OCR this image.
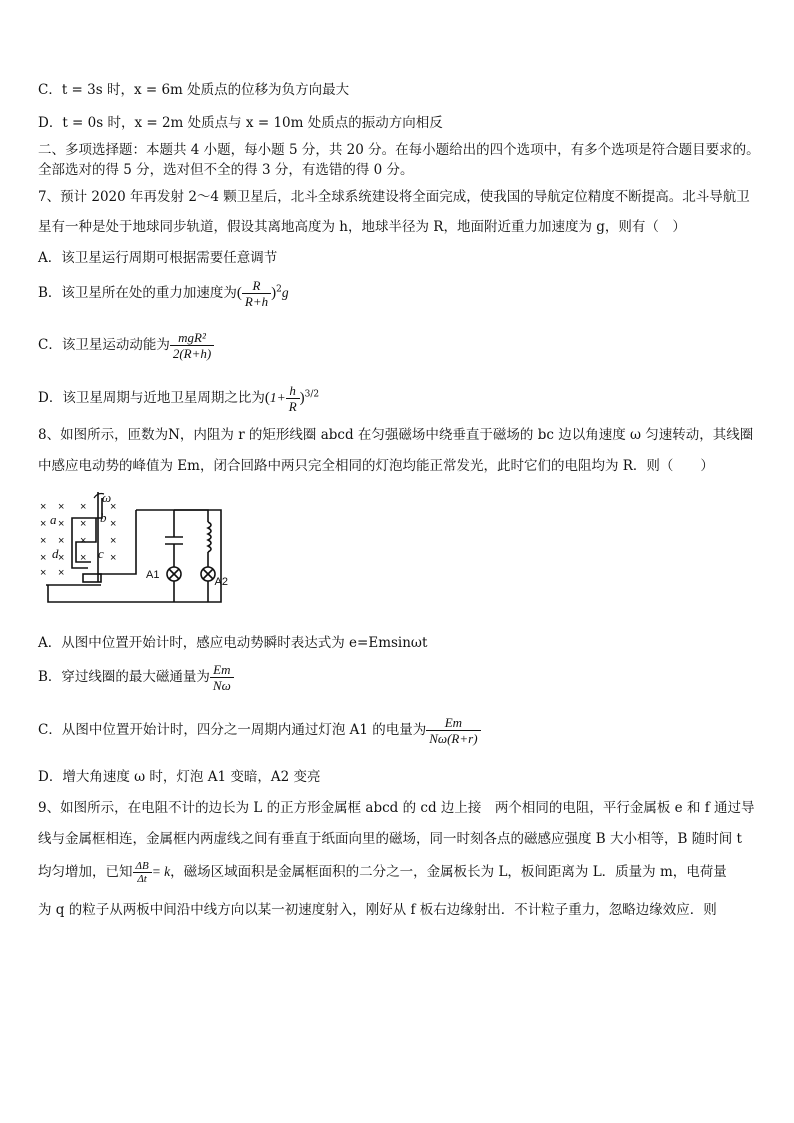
C．t = 3s 时，x = 6m 处质点的位移为负方向最大
D．t = 0s 时，x = 2m 处质点与 x = 10m 处质点的振动方向相反
二、多项选择题：本题共 4 小题，每小题 5 分，共 20 分。在每小题给出的四个选项中，有多个选项是符合题目要求的。
全部选对的得 5 分，选对但不全的得 3 分，有选错的得 0 分。
7、预计 2020 年再发射 2～4 颗卫星后，北斗全球系统建设将全面完成，使我国的导航定位精度不断提高。北斗导航卫
星有一种是处于地球同步轨道，假设其离地高度为 h，地球半径为 R，地面附近重力加速度为 g，则有（　）
A．该卫星运行周期可根据需要任意调节
B．该卫星所在处的重力加速度为( $\frac{R}{R+h} )^2g$
C．该卫星运动动能为 $\frac{\text{mgR²}}{2(R+h)}$
D．该卫星周期与近地卫星周期之比为$(1+ \frac{h}{R} )^{3/2}$
8、如图所示，匝数为N，内阻为 r 的矩形线圈 abcd 在匀强磁场中绕垂直于磁场的 bc 边以角速度 ω 匀速转动，其线圈
中感应电动势的峰值为 Em，闭合回路中两只完全相同的灯泡均能正常发光，此时它们的电阻均为 R．则（　　）
× × × ×
× × × ×
× × × ×
× × × ×
× ×
ω
a	b
c
d
A1
A2
A．从图中位置开始计时，感应电动势瞬时表达式为 e=Emsinωt
B．穿过线圈的最大磁通量为 $\frac{Em}{N\omega}$
C．从图中位置开始计时，四分之一周期内通过灯泡 A1 的电量为 $\frac{Em}{N\omega(R+r)}$
D．增大角速度 ω 时，灯泡 A1 变暗，A2 变亮
9、如图所示，在电阻不计的边长为 L 的正方形金属框 abcd 的 cd 边上接　两个相同的电阻，平行金属板 e 和 f 通过导
线与金属框相连，金属框内两虚线之间有垂直于纸面向里的磁场，同一时刻各点的磁感应强度 B 大小相等，B 随时间 t
均匀增加，已知 $\frac{\Delta B}{\Delta t} = k$，磁场区域面积是金属框面积的二分之一，金属板长为 L，板间距离为 L．质量为 m，电荷量
为 q 的粒子从两板中间沿中线方向以某一初速度射入，刚好从 f 板右边缘射出．不计粒子重力，忽略边缘效应．则
